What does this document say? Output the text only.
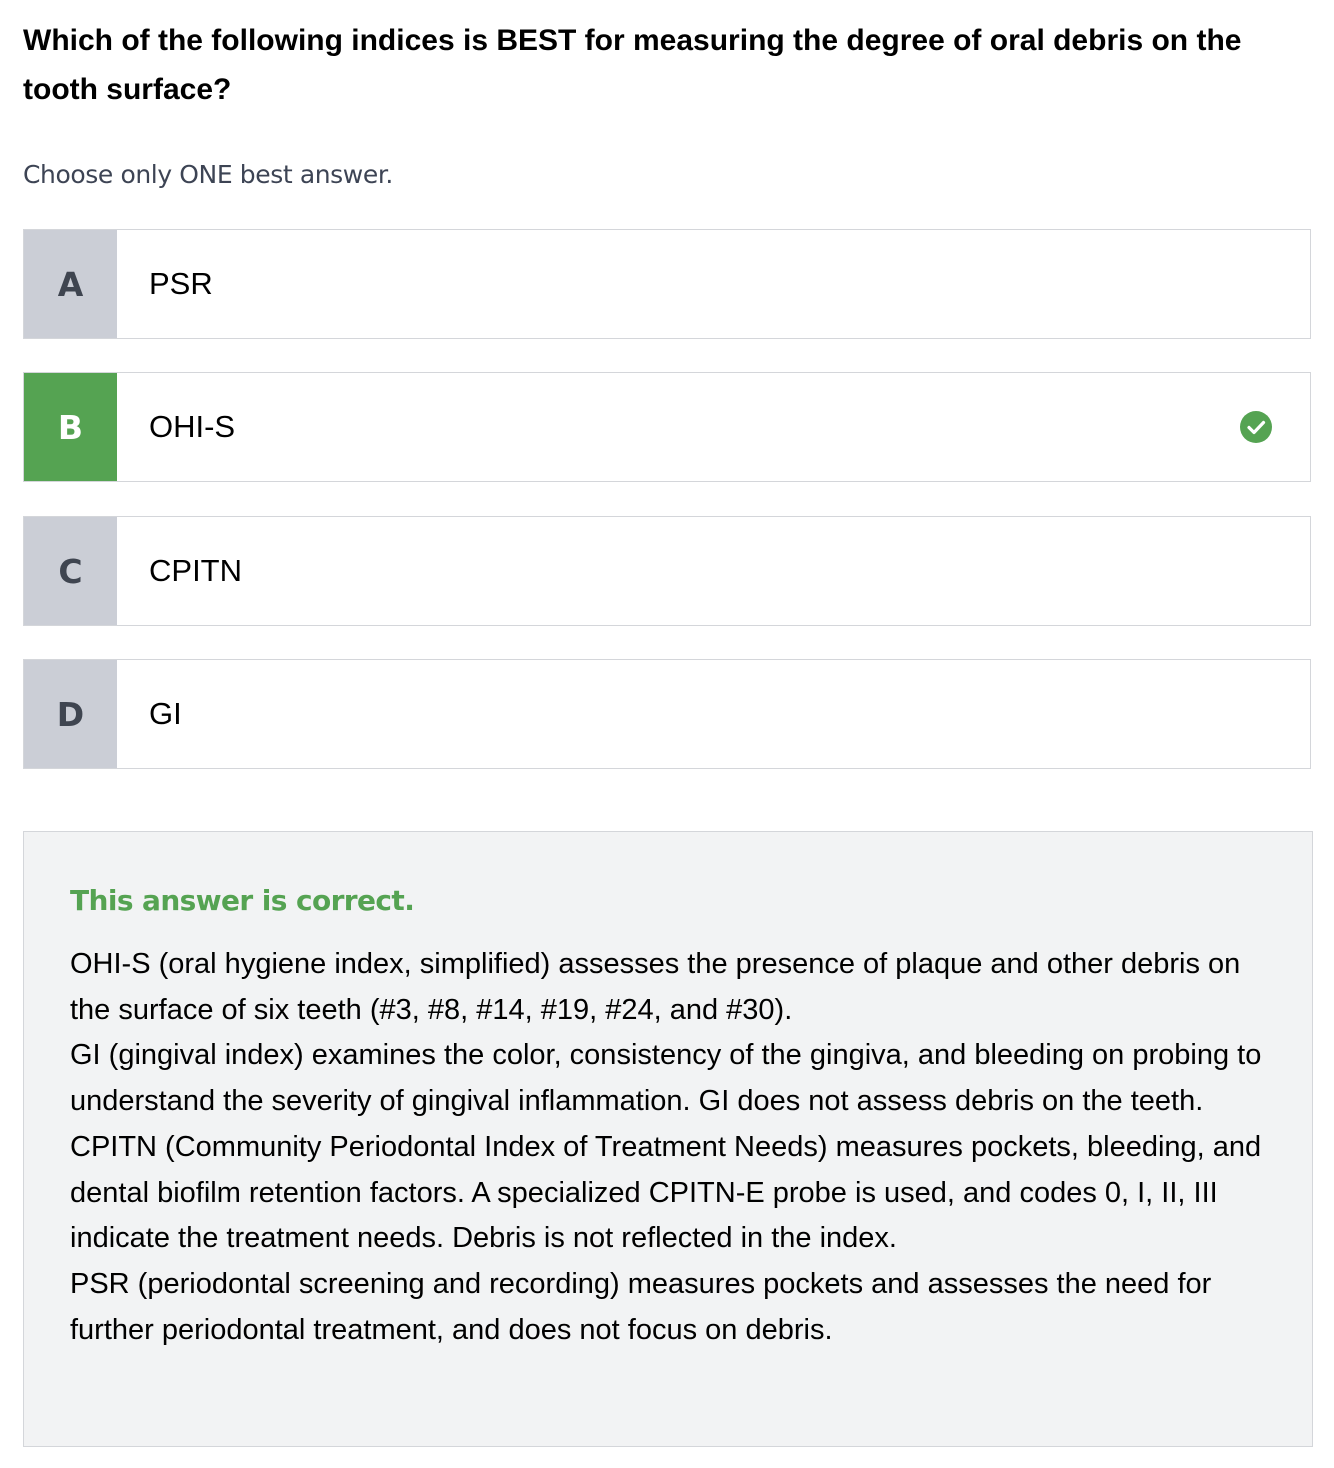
Which of the following indices is BEST for measuring the degree of oral debris on the tooth surface?

Choose only ONE best answer.

A	PSR
B	OHI-S
C	CPITN
D	GI

This answer is correct.

OHI-S (oral hygiene index, simplified) assesses the presence of plaque and other debris on the surface of six teeth (#3, #8, #14, #19, #24, and #30).

GI (gingival index) examines the color, consistency of the gingiva, and bleeding on probing to understand the severity of gingival inflammation. GI does not assess debris on the teeth.

CPITN (Community Periodontal Index of Treatment Needs) measures pockets, bleeding, and dental biofilm retention factors. A specialized CPITN-E probe is used, and codes 0, I, II, III indicate the treatment needs. Debris is not reflected in the index.

PSR (periodontal screening and recording) measures pockets and assesses the need for further periodontal treatment, and does not focus on debris.
